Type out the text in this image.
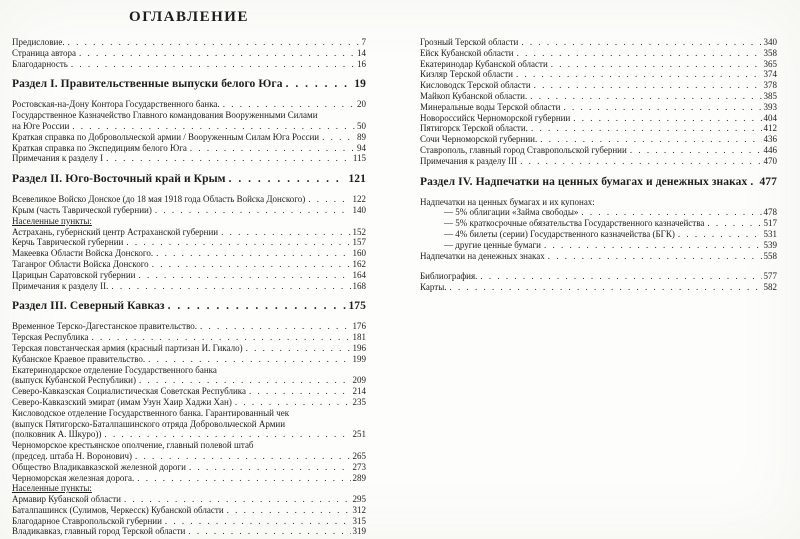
ОГЛАВЛЕНИЕ
Предисловие. . . .	7
Страница автора . . .	14
Благодарность . . .	16
Раздел I. Правительственные выпуски белого Юга . . .	19
Ростовская-на-Дону Контора Государственного банка. . . .	20
Государственное Казначейство Главного командования Вооруженными Силами
на Юге России . . .	50
Краткая справка по Добровольческой армии / Вооруженным Силам Юга России . . .	89
Краткая справка по Экспедициям белого Юга . . .	94
Примечания к разделу I . . .	115
Раздел II. Юго-Восточный край и Крым . . .	121
Всевеликое Войско Донское (до 18 мая 1918 года Область Войска Донского) . . .	122
Крым (часть Таврической губернии) . . .	140
Населенные пункты:
Астрахань, губернский центр Астраханской губернии . . .	152
Керчь Таврической губернии . . .	157
Макеевка Области Войска Донского. . . .	160
Таганрог Области Войска Донского . . .	162
Царицын Саратовской губернии . . .	164
Примечания к разделу II. . . .	168
Раздел III. Северный Кавказ . . .	175
Временное Терско-Дагестанское правительство. . . .	176
Терская Республика . . .	181
Терская повстанческая армия (красный партизан И. Гикало) . . .	196
Кубанское Краевое правительство. . . .	199
Екатеринодарское отделение Государственного банка
(выпуск Кубанской Республики) . . .	209
Северо-Кавказская Социалистическая Советская Республика . . .	214
Северо-Кавказский эмират (имам Узун Хаир Хаджи Хан) . . .	235
Кисловодское отделение Государственного банка. Гарантированный чек
(выпуск Пятигорско-Баталпашинского отряда Добровольческой Армии
(полковник А. Шкуро)) . . .	251
Черноморское крестьянское ополчение, главный полевой штаб
(председ. штаба Н. Воронович) . . .	265
Общество Владикавказской железной дороги . . .	273
Черноморская железная дорога. . . .	289
Населенные пункты:
Армавир Кубанской области . . .	295
Баталпашинск (Сулимов, Черкесск) Кубанской области . . .	312
Благодарное Ставропольской губернии . . .	315
Владикавказ, главный город Терской области . . .	319
Грозный Терской области . . .	340
Ейск Кубанской области . . .	358
Екатеринодар Кубанской области . . .	365
Кизляр Терской области . . .	374
Кисловодск Терской области . . .	378
Майкоп Кубанской области. . . .	385
Минеральные воды Терской области . . .	393
Новороссийск Черноморской губернии . . .	404
Пятигорск Терской области. . . .	412
Сочи Черноморской губернии. . . .	436
Ставрополь, главный город Ставропольской губернии . . .	446
Примечания к разделу III . . .	470
Раздел IV. Надпечатки на ценных бумагах и денежных знаках . . . 477
Надпечатки на ценных бумагах и их купонах:
— 5% облигации «Займа свободы» . . .	478
— 5% краткосрочные обязательства Государственного казначейства . . .	517
— 4% билеты (серии) Государственного казначейства (БГК) . . .	531
— другие ценные бумаги . . .	539
Надпечатки на денежных знаках . . .	558
Библиография. . . .	577
Карты. . . .	582
